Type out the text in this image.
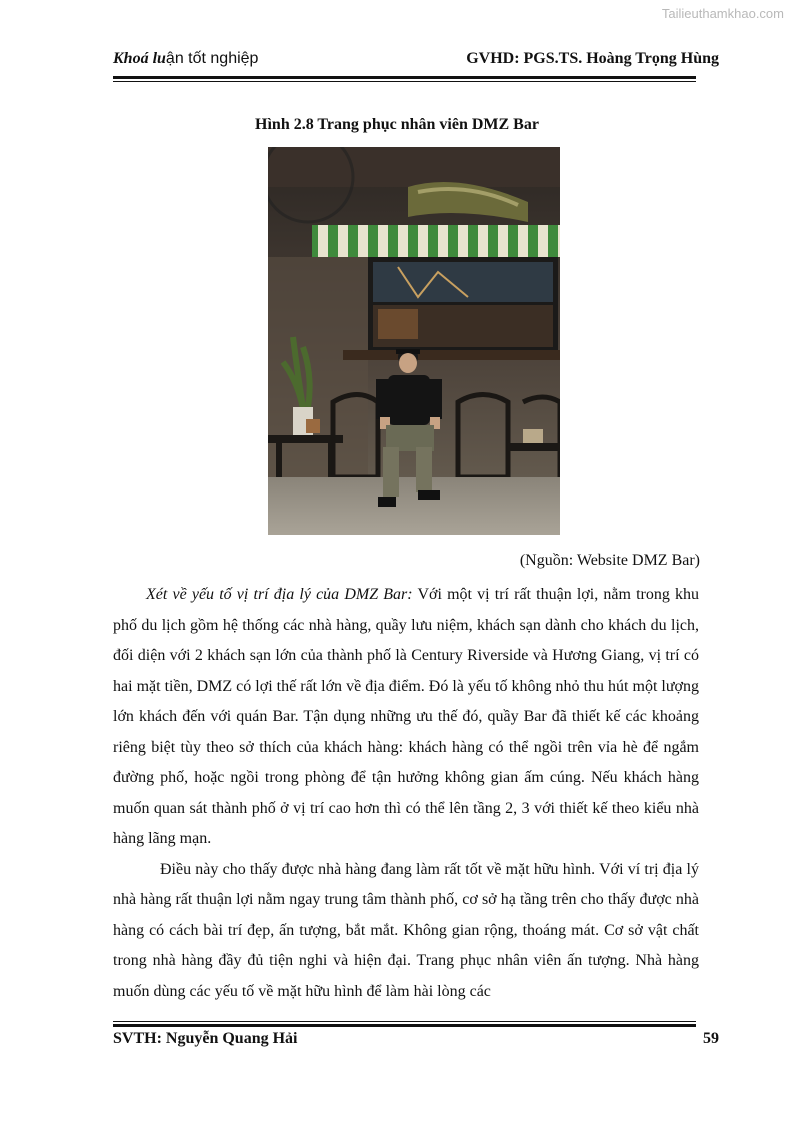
Tailieuthamkhao.com
Khoá luận tốt nghiệp	GVHD: PGS.TS. Hoàng Trọng Hùng
Hình 2.8 Trang phục nhân viên DMZ Bar
(Nguồn: Website DMZ Bar)

Xét về yếu tố vị trí địa lý của DMZ Bar: Với một vị trí rất thuận lợi, nằm trong khu phố du lịch gồm hệ thống các nhà hàng, quầy lưu niệm, khách sạn dành cho khách du lịch, đối diện với 2 khách sạn lớn của thành phố là Century Riverside và Hương Giang, vị trí có hai mặt tiền, DMZ có lợi thế rất lớn về địa điểm. Đó là yếu tố không nhỏ thu hút một lượng lớn khách đến với quán Bar. Tận dụng những ưu thế đó, quầy Bar đã thiết kế các khoảng riêng biệt tùy theo sở thích của khách hàng: khách hàng có thể ngồi trên vỉa hè để ngắm đường phố, hoặc ngồi trong phòng để tận hưởng không gian ấm cúng. Nếu khách hàng muốn quan sát thành phố ở vị trí cao hơn thì có thể lên tầng 2, 3 với thiết kế theo kiểu nhà hàng lãng mạn.

Điều này cho thấy được nhà hàng đang làm rất tốt về mặt hữu hình. Với ví trị địa lý nhà hàng rất thuận lợi nằm ngay trung tâm thành phố, cơ sở hạ tầng trên cho thấy được nhà hàng có cách bài trí đẹp, ấn tượng, bắt mắt. Không gian rộng, thoáng mát. Cơ sở vật chất trong nhà hàng đầy đủ tiện nghi và hiện đại. Trang phục nhân viên ấn tượng. Nhà hàng muốn dùng các yếu tố về mặt hữu hình để làm hài lòng các

SVTH: Nguyễn Quang Hải	59
